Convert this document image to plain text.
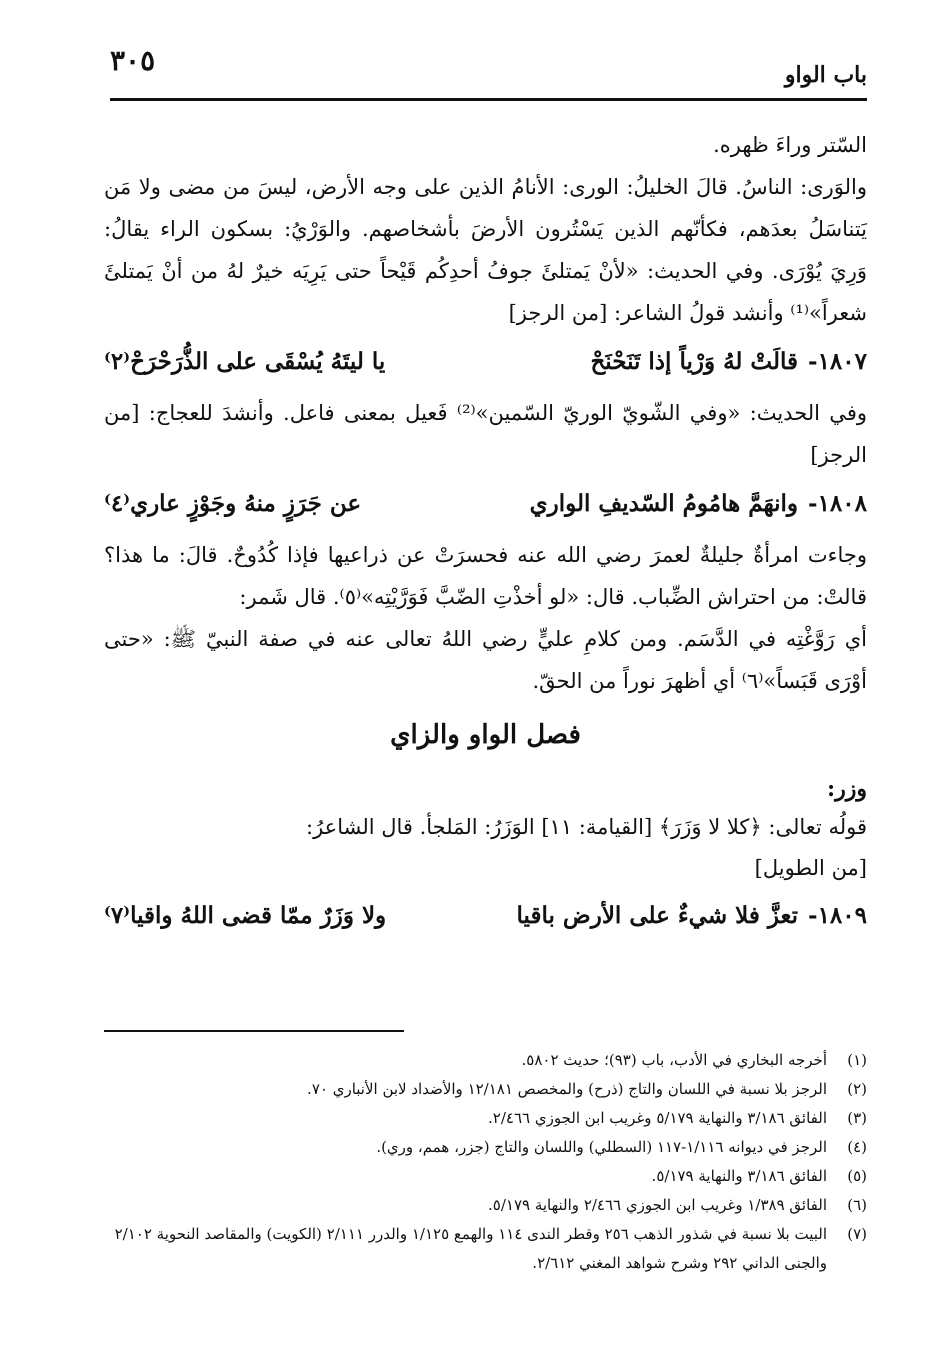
٣٠٥	باب الواو

السّتر وراءَ ظهره.

والوَرى: الناسُ. قالَ الخليلُ: الورى: الأنامُ الذين على وجه الأرض، ليسَ من مضى ولا مَن يَتناسَلُ بعدَهم، فكأنّهم الذين يَسْتُرون الأرضَ بأشخاصهم. والوَرْيُ: بسكون الراء يقالُ: وَرِيَ يُوْرَى. وفي الحديث: «لأنْ يَمتلئَ جوفُ أحدِكُم قَيْحاً حتى يَرِيَه خيرٌ لهُ من أنْ يَمتلئَ شعراً»⁽¹⁾ وأنشد قولُ الشاعر: [من الرجز]

١٨٠٧-
قالَتْ لهُ وَرْياً إذا تَنَحْنَحْ
يا ليتَهُ يُسْقَى على الذُّرَحْرَحْ⁽٢⁾

وفي الحديث: «وفي الشّويّ الوريّ السّمين»⁽²⁾ فَعيل بمعنى فاعل. وأنشدَ للعجاج: [من الرجز]

١٨٠٨-
وانهَمَّ هامُومُ السّديفِ الواري
عن جَرَزٍ منهُ وجَوْزٍ عاري⁽٤⁾

وجاءت امرأةٌ جليلةٌ لعمرَ رضي الله عنه فحسرَتْ عن ذراعيها فإذا كُدُوحٌ. قالَ: ما هذا؟ قالتْ: من احتراش الضِّباب. قال: «لو أخذْتِ الضّبَّ فَوَرَّيْتِه»⁽٥⁾. قال شَمر:

أي رَوَّغْتِه في الدَّسَم. ومن كلامِ عليٍّ رضي اللهُ تعالى عنه في صفة النبيّ ﷺ: «حتى أوْرَى قَبَساً»⁽٦⁾ أي أظهرَ نوراً من الحقّ.

فصل الواو والزاي
وزر:

قولُه تعالى: ﴿كلا لا وَزَرَ﴾ [القيامة: ١١] الوَزَرُ: المَلجأ. قال الشاعرُ:

[من الطويل]
١٨٠٩-
تعزَّ فلا شيءٌ على الأرض باقيا
ولا وَزَرٌ ممّا قضى اللهُ واقيا⁽٧⁾
(١)
أخرجه البخاري في الأدب، باب (٩٣)؛ حديث ٥٨٠٢.
(٢)
الرجز بلا نسبة في اللسان والتاج (ذرح) والمخصص ١٢/١٨١ والأضداد لابن الأنباري ٧٠.
(٣)
الفائق ٣/١٨٦ والنهاية ٥/١٧٩ وغريب ابن الجوزي ٢/٤٦٦.
(٤)
الرجز في ديوانه ١/١١٦-١١٧ (السطلي) واللسان والتاج (جزر، همم، وري).
(٥)
الفائق ٣/١٨٦ والنهاية ٥/١٧٩.
(٦)
الفائق ١/٣٨٩ وغريب ابن الجوزي ٢/٤٦٦ والنهاية ٥/١٧٩.
(٧)
البيت بلا نسبة في شذور الذهب ٢٥٦ وقطر الندى ١١٤ والهمع ١/١٢٥ والدرر ٢/١١١ (الكويت) والمقاصد النحوية ٢/١٠٢ والجنى الداني ٢٩٢ وشرح شواهد المغني ٢/٦١٢.
